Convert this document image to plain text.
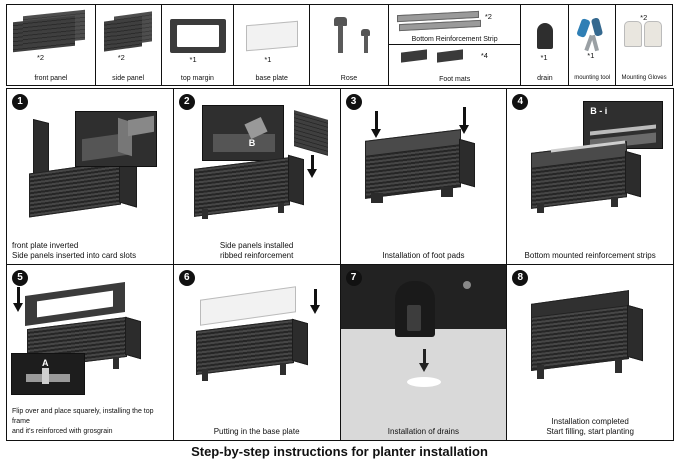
*2
front panel
*2
side panel
*1
top margin
*1
base plate	Rose
*2
Bottom Reinforcement Strip
*4
Foot mats
*1
drain
*1
mounting tool
*2
Mounting Gloves
1
front plate inverted
Side panels inserted into card slots
2
B
Side panels installed
ribbed reinforcement
3
Installation of foot pads
4
B - i
Bottom mounted reinforcement strips
5
A
Flip over and place squarely, installing the top frame
and it's reinforced with grosgrain
6
Putting in the base plate
7
Installation of drains
8
Installation completed
Start filling, start planting
Step-by-step instructions for planter installation
